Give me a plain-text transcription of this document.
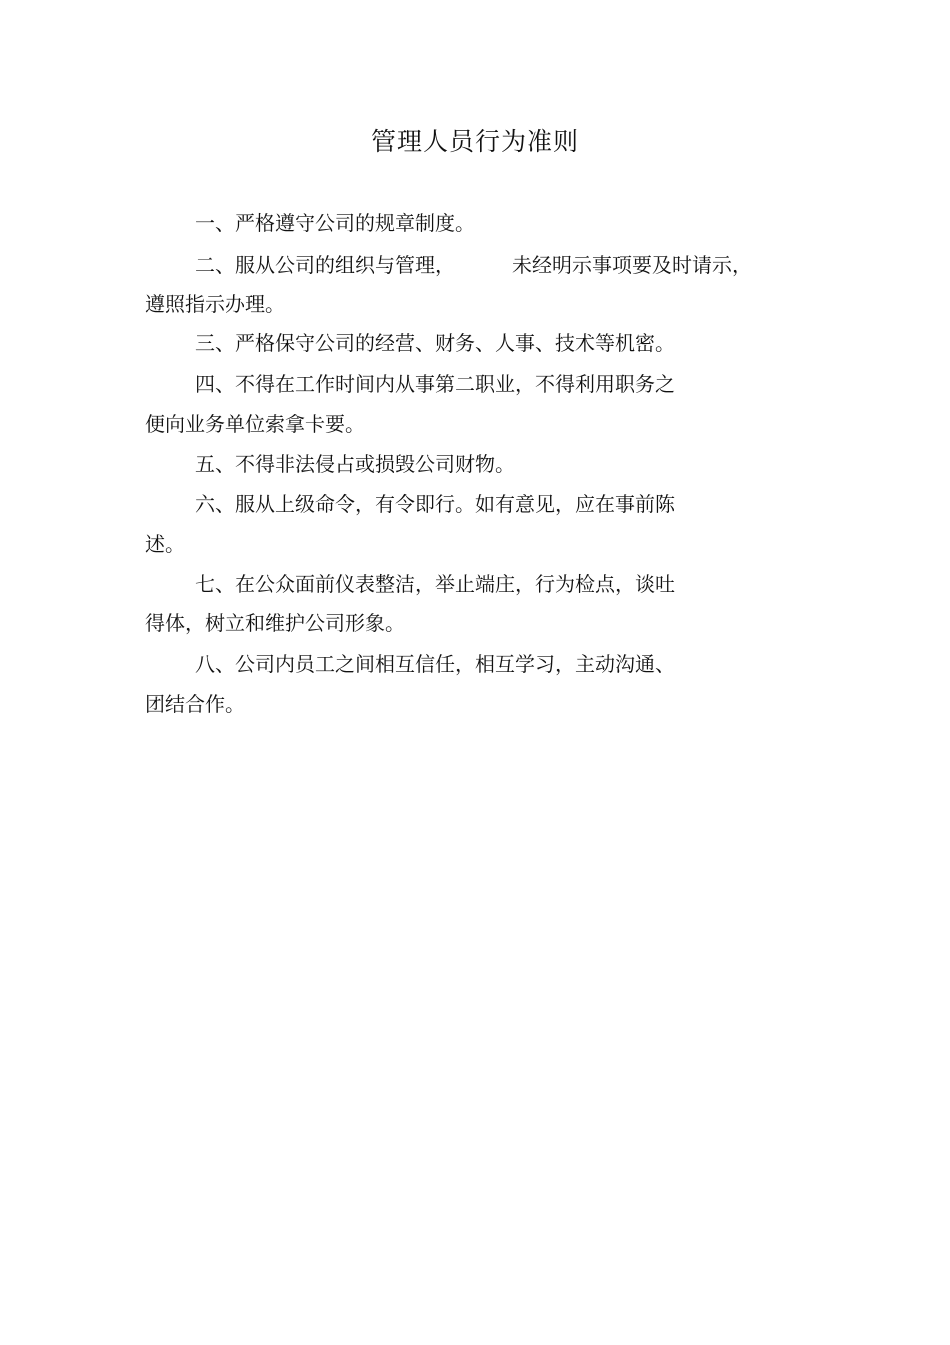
管理人员行为准则

一、严格遵守公司的规章制度。

二、服从公司的组织与管理，	未经明示事项要及时请示，

遵照指示办理。

三、严格保守公司的经营、财务、人事、技术等机密。

四、不得在工作时间内从事第二职业，不得利用职务之

便向业务单位索拿卡要。

五、不得非法侵占或损毁公司财物。

六、服从上级命令，有令即行。如有意见，应在事前陈

述。

七、在公众面前仪表整洁，举止端庄，行为检点，谈吐

得体，树立和维护公司形象。

八、公司内员工之间相互信任，相互学习，主动沟通、

团结合作。
